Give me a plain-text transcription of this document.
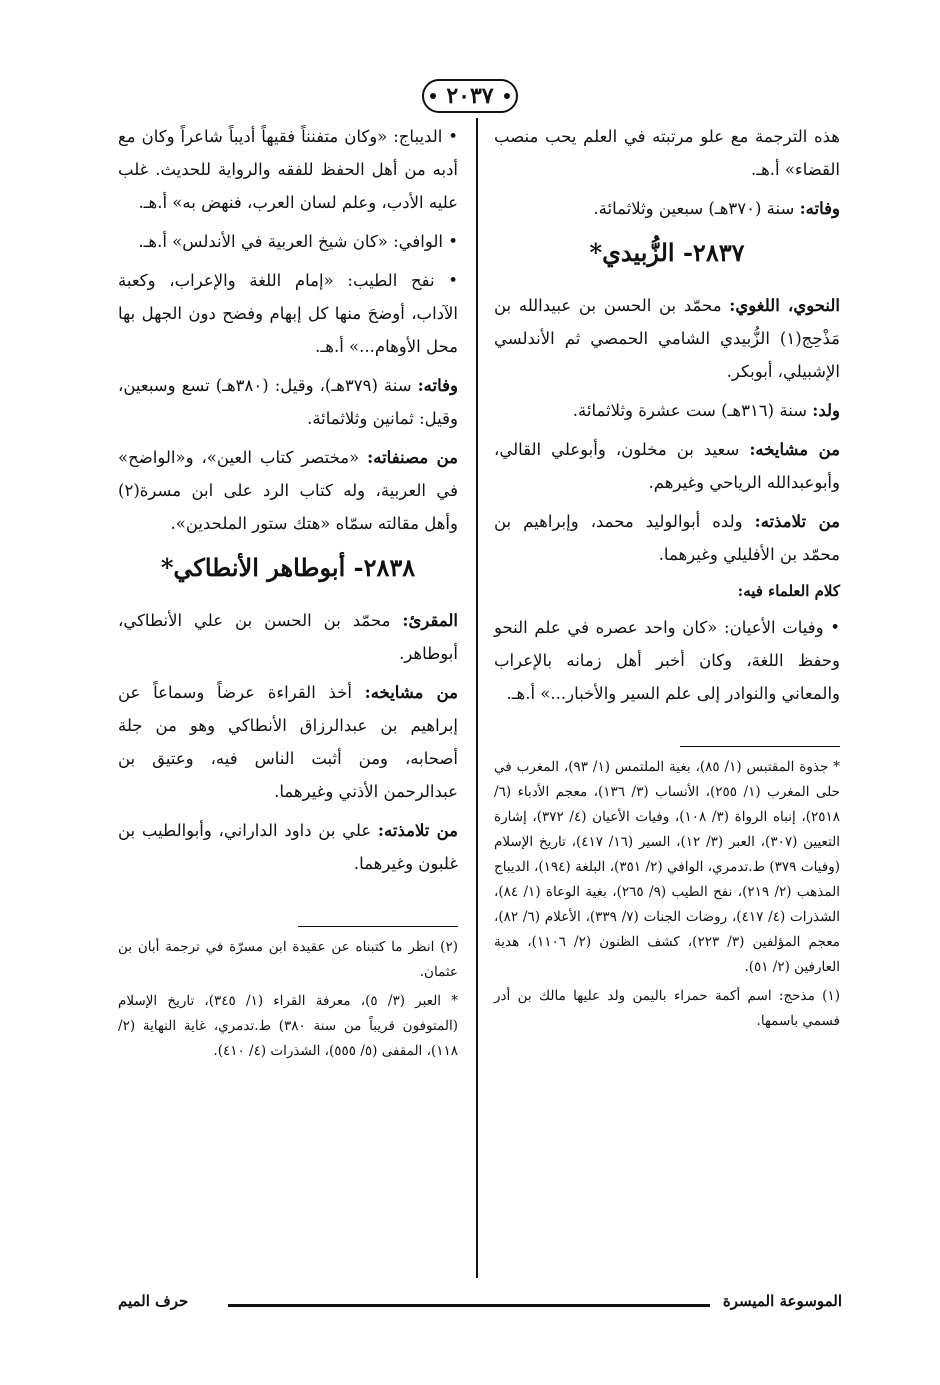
٢٠٣٧

هذه الترجمة مع علو مرتبته في العلم يحب منصب القضاء» أ.هـ.

وفاته: سنة (٣٧٠هـ) سبعين وثلاثمائة.

٢٨٣٧- الزُّبيدي*

النحوي، اللغوي: محمّد بن الحسن بن عبيدالله بن مَذْحِج(١) الزُّبيدي الشامي الحمصي ثم الأندلسي الإشبيلي، أبوبكر.

ولد: سنة (٣١٦هـ) ست عشرة وثلاثمائة.

من مشايخه: سعيد بن مخلون، وأبوعلي القالي، وأبوعبدالله الرياحي وغيرهم.

من تلامذته: ولده أبوالوليد محمد، وإبراهيم بن محمّد بن الأفليلي وغيرهما.

كلام العلماء فيه:

• وفيات الأعيان: «كان واحد عصره في علم النحو وحفظ اللغة، وكان أخبر أهل زمانه بالإعراب والمعاني والنوادر إلى علم السير والأخبار...» أ.هـ.

* جذوة المقتبس (١/ ٨٥)، بغية الملتمس (١/ ٩٣)، المغرب في حلى المغرب (١/ ٢٥٥)، الأنساب (٣/ ١٣٦)، معجم الأدباء (٦/ ٢٥١٨)، إنباه الرواة (٣/ ١٠٨)، وفيات الأعيان (٤/ ٣٧٢)، إشارة التعيين (٣٠٧)، العبر (٣/ ١٢)، السير (١٦/ ٤١٧)، تاريخ الإسلام (وفيات ٣٧٩) ط.تدمري، الوافي (٢/ ٣٥١)، البلغة (١٩٤)، الديباج المذهب (٢/ ٢١٩)، نفح الطيب (٩/ ٢٦٥)، بغية الوعاة (١/ ٨٤)، الشذرات (٤/ ٤١٧)، روضات الجنات (٧/ ٣٣٩)، الأعلام (٦/ ٨٢)، معجم المؤلفين (٣/ ٢٢٣)، كشف الظنون (٢/ ١١٠٦)، هدية العارفين (٢/ ٥١).

(١) مذحج: اسم أكمة حمراء باليمن ولد عليها مالك بن أدر فسمي باسمها.

• الديباج: «وكان متفنناً فقيهاً أديباً شاعراً وكان مع أدبه من أهل الحفظ للفقه والرواية للحديث. غلب عليه الأدب، وعلم لسان العرب، فنهض به» أ.هـ.

• الوافي: «كان شيخ العربية في الأندلس» أ.هـ.

• نفح الطيب: «إمام اللغة والإعراب، وكعبة الآداب، أوضحَ منها كل إبهام وفضح دون الجهل بها محل الأوهام...» أ.هـ.

وفاته: سنة (٣٧٩هـ)، وقيل: (٣٨٠هـ) تسع وسبعين، وقيل: ثمانين وثلاثمائة.

من مصنفاته: «مختصر كتاب العين»، و«الواضح» في العربية، وله كتاب الرد على ابن مسرة(٢) وأهل مقالته سمّاه «هتك ستور الملحدين».

٢٨٣٨- أبوطاهر الأنطاكي*

المقرئ: محمّد بن الحسن بن علي الأنطاكي، أبوطاهر.

من مشايخه: أخذ القراءة عرضاً وسماعاً عن إبراهيم بن عبدالرزاق الأنطاكي وهو من جلة أصحابه، ومن أثبت الناس فيه، وعتيق بن عبدالرحمن الأذني وغيرهما.

من تلامذته: علي بن داود الداراني، وأبوالطيب بن غلبون وغيرهما.

(٢) انظر ما كتبناه عن عقيدة ابن مسرّة في ترجمة أبان بن عثمان.

* العبر (٣/ ٥)، معرفة القراء (١/ ٣٤٥)، تاريخ الإسلام (المتوفون قريباً من سنة ٣٨٠) ط.تدمري، غاية النهاية (٢/ ١١٨)، المقفى (٥/ ٥٥٥)، الشذرات (٤/ ٤١٠).

الموسوعة الميسرة
حرف الميم
